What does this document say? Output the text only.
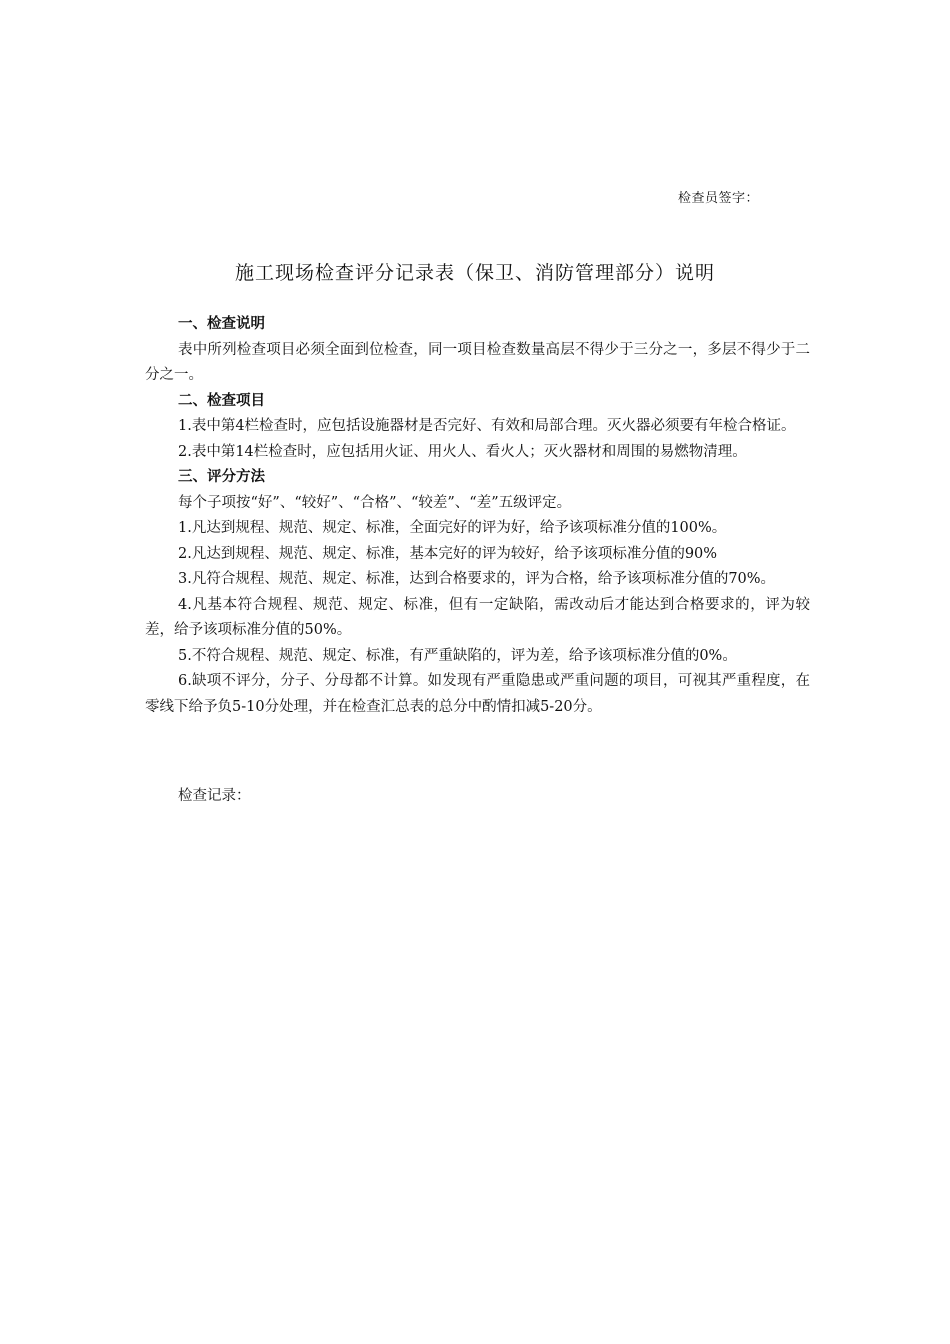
检查员签字：
施工现场检查评分记录表（保卫、消防管理部分）说明
一、检查说明

表中所列检查项目必须全面到位检查，同一项目检查数量高层不得少于三分之一，多层不得少于二分之一。

二、检查项目

1.表中第4栏检查时，应包括设施器材是否完好、有效和局部合理。灭火器必须要有年检合格证。

2.表中第14栏检查时，应包括用火证、用火人、看火人；灭火器材和周围的易燃物清理。

三、评分方法

每个子项按“好”、“较好”、“合格”、“较差”、“差”五级评定。

1.凡达到规程、规范、规定、标准，全面完好的评为好，给予该项标准分值的100%。

2.凡达到规程、规范、规定、标准，基本完好的评为较好，给予该项标准分值的90%

3.凡符合规程、规范、规定、标准，达到合格要求的，评为合格，给予该项标准分值的70%。

4.凡基本符合规程、规范、规定、标准，但有一定缺陷，需改动后才能达到合格要求的，评为较差，给予该项标准分值的50%。

5.不符合规程、规范、规定、标准，有严重缺陷的，评为差，给予该项标准分值的0%。

6.缺项不评分，分子、分母都不计算。如发现有严重隐患或严重问题的项目，可视其严重程度，在零线下给予负5-10分处理，并在检查汇总表的总分中酌情扣减5-20分。

检查记录：
